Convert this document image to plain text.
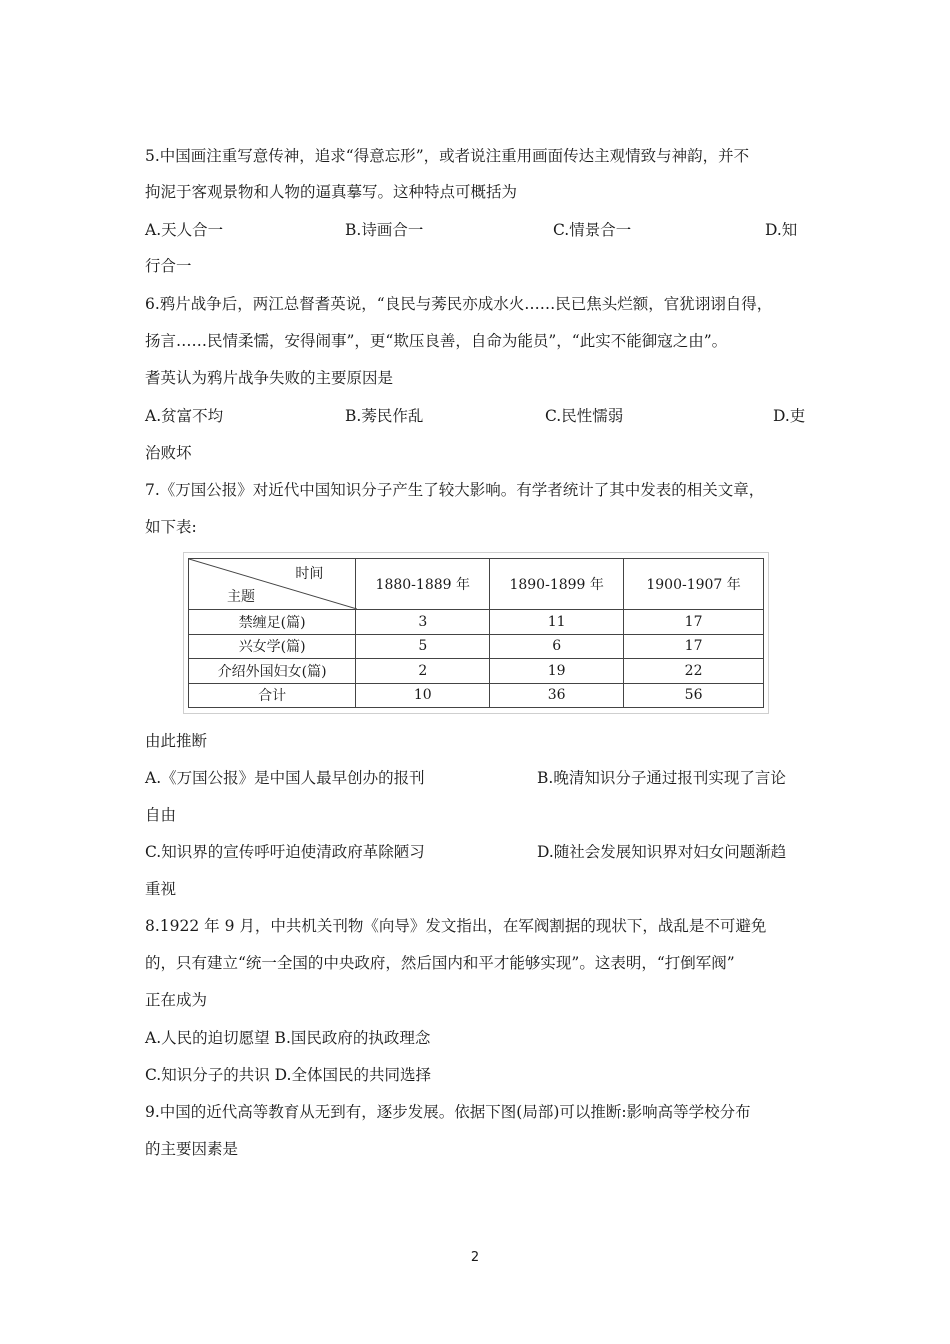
5.中国画注重写意传神，追求“得意忘形”，或者说注重用画面传达主观情致与神韵，并不
拘泥于客观景物和人物的逼真摹写。这种特点可概括为
A.天人合一	B.诗画合一	C.情景合一	D.知
行合一
6.鸦片战争后，两江总督耆英说，“良民与莠民亦成水火……民已焦头烂额，官犹诩诩自得，
扬言……民情柔懦，安得闹事”，更“欺压良善，自命为能员”，“此实不能御寇之由”。
耆英认为鸦片战争失败的主要原因是
A.贫富不均	B.莠民作乱	C.民性懦弱	D.吏
治败坏
7.《万国公报》对近代中国知识分子产生了较大影响。有学者统计了其中发表的相关文章，
如下表:
时间
主题	1880-1889 年	1890-1899 年	1900-1907 年
禁缠足(篇)	3	11	17
兴女学(篇)	5	6	17
介绍外国妇女(篇)	2	19	22
合计	10	36	56
由此推断
A.《万国公报》是中国人最早创办的报刊	B.晚清知识分子通过报刊实现了言论
自由
C.知识界的宣传呼吁迫使清政府革除陋习	D.随社会发展知识界对妇女问题渐趋
重视
8.1922 年 9 月，中共机关刊物《向导》发文指出，在军阀割据的现状下，战乱是不可避免
的，只有建立“统一全国的中央政府，然后国内和平才能够实现”。这表明，“打倒军阀”
正在成为
A.人民的迫切愿望 B.国民政府的执政理念
C.知识分子的共识 D.全体国民的共同选择
9.中国的近代高等教育从无到有，逐步发展。依据下图(局部)可以推断:影响高等学校分布
的主要因素是
2
